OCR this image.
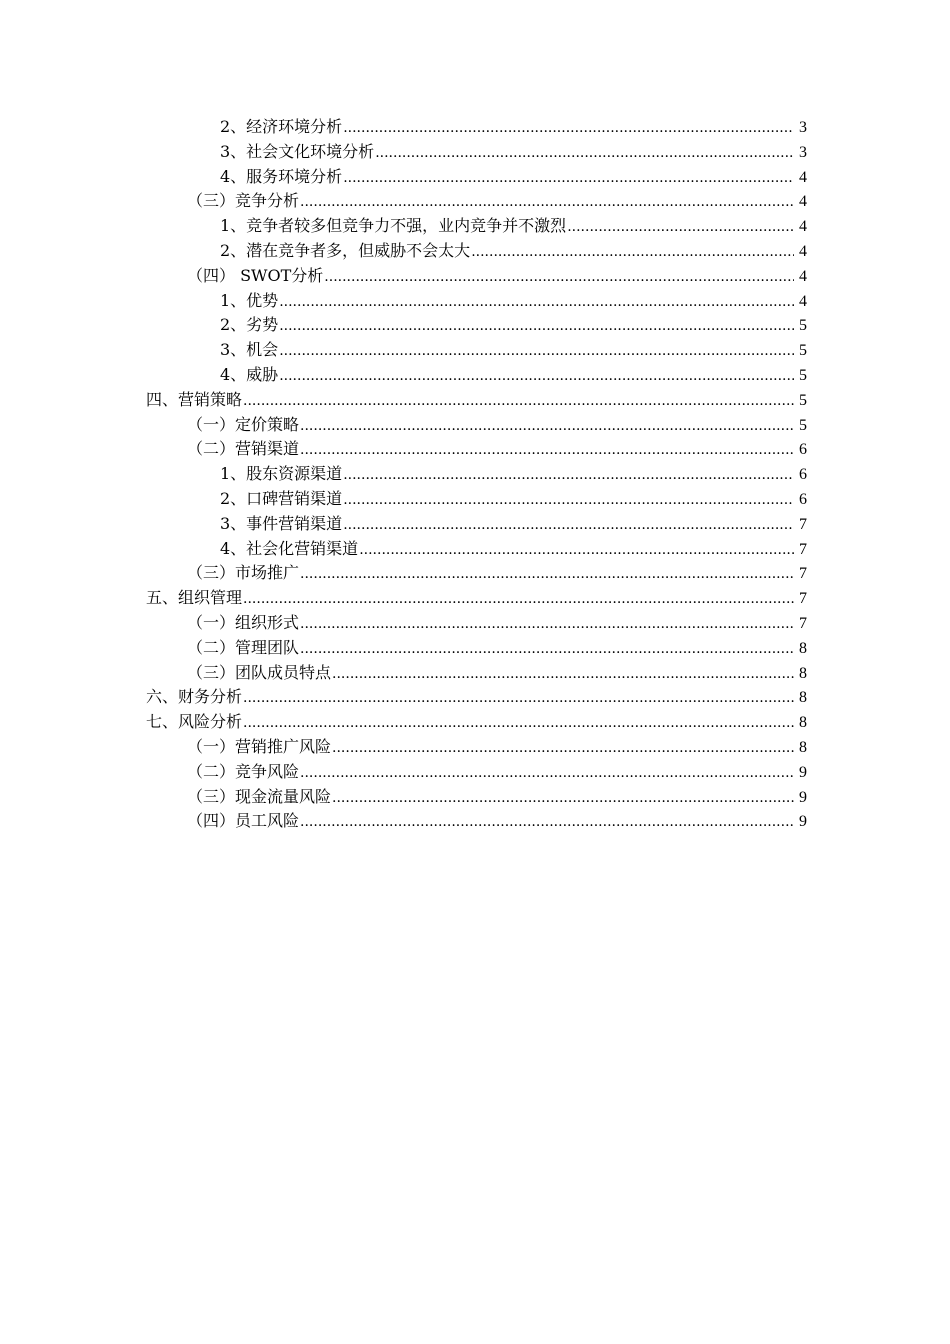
2、经济环境分析 .....	3
3、社会文化环境分析 .....	3
4、服务环境分析 .....	4
（三）竞争分析 .....	4
1、竞争者较多但竞争力不强，业内竞争并不激烈 .....	4
2、潜在竞争者多，但威胁不会太大 .....	4
（四） SWOT分析 .....	4
1、优势 .....	4
2、劣势 .....	5
3、机会 .....	5
4、威胁 .....	5
四、营销策略 .....	5
（一）定价策略 .....	5
（二）营销渠道 .....	6
1、股东资源渠道 .....	6
2、口碑营销渠道 .....	6
3、事件营销渠道 .....	7
4、社会化营销渠道 .....	7
（三）市场推广 .....	7
五、组织管理 .....	7
（一）组织形式 .....	7
（二）管理团队 .....	8
（三）团队成员特点 .....	8
六、财务分析 .....	8
七、风险分析 .....	8
（一）营销推广风险 .....	8
（二）竞争风险 .....	9
（三）现金流量风险 .....	9
（四）员工风险 .....	9
